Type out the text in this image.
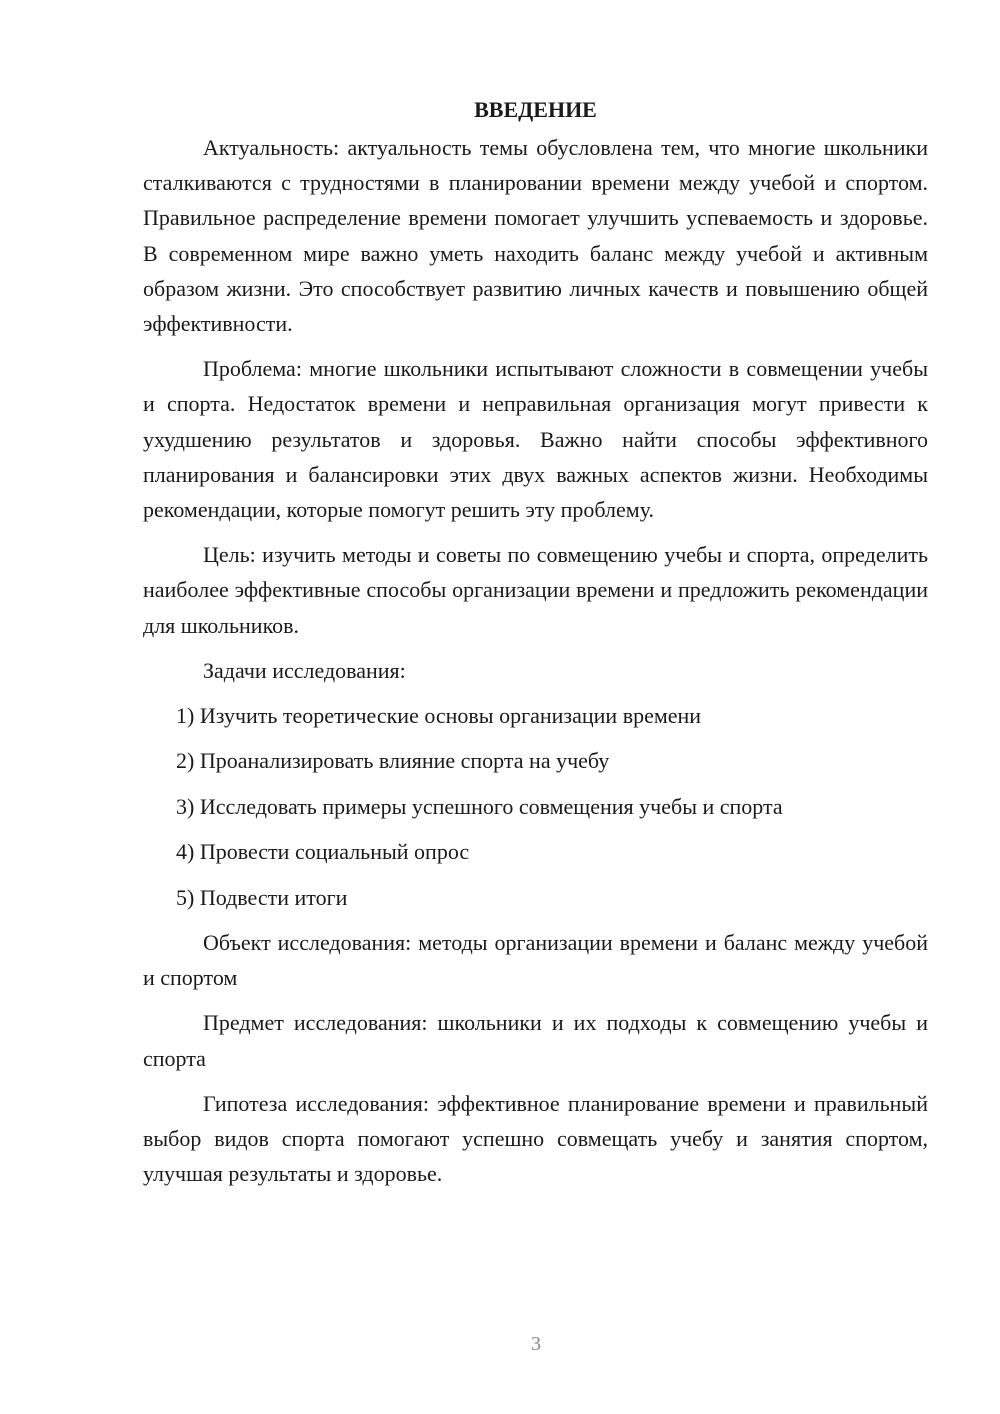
ВВЕДЕНИЕ

Актуальность: актуальность темы обусловлена тем, что многие школьники сталкиваются с трудностями в планировании времени между учебой и спортом. Правильное распределение времени помогает улучшить успеваемость и здоровье. В современном мире важно уметь находить баланс между учебой и активным образом жизни. Это способствует развитию личных качеств и повышению общей эффективности.

Проблема: многие школьники испытывают сложности в совмещении учебы и спорта. Недостаток времени и неправильная организация могут привести к ухудшению результатов и здоровья. Важно найти способы эффективного планирования и балансировки этих двух важных аспектов жизни. Необходимы рекомендации, которые помогут решить эту проблему.

Цель: изучить методы и советы по совмещению учебы и спорта, определить наиболее эффективные способы организации времени и предложить рекомендации для школьников.

Задачи исследования:

1) Изучить теоретические основы организации времени
2) Проанализировать влияние спорта на учебу
3) Исследовать примеры успешного совмещения учебы и спорта
4) Провести социальный опрос
5) Подвести итоги

Объект исследования: методы организации времени и баланс между учебой и спортом

Предмет исследования: школьники и их подходы к совмещению учебы и спорта

Гипотеза исследования: эффективное планирование времени и правильный выбор видов спорта помогают успешно совмещать учебу и занятия спортом, улучшая результаты и здоровье.

3
